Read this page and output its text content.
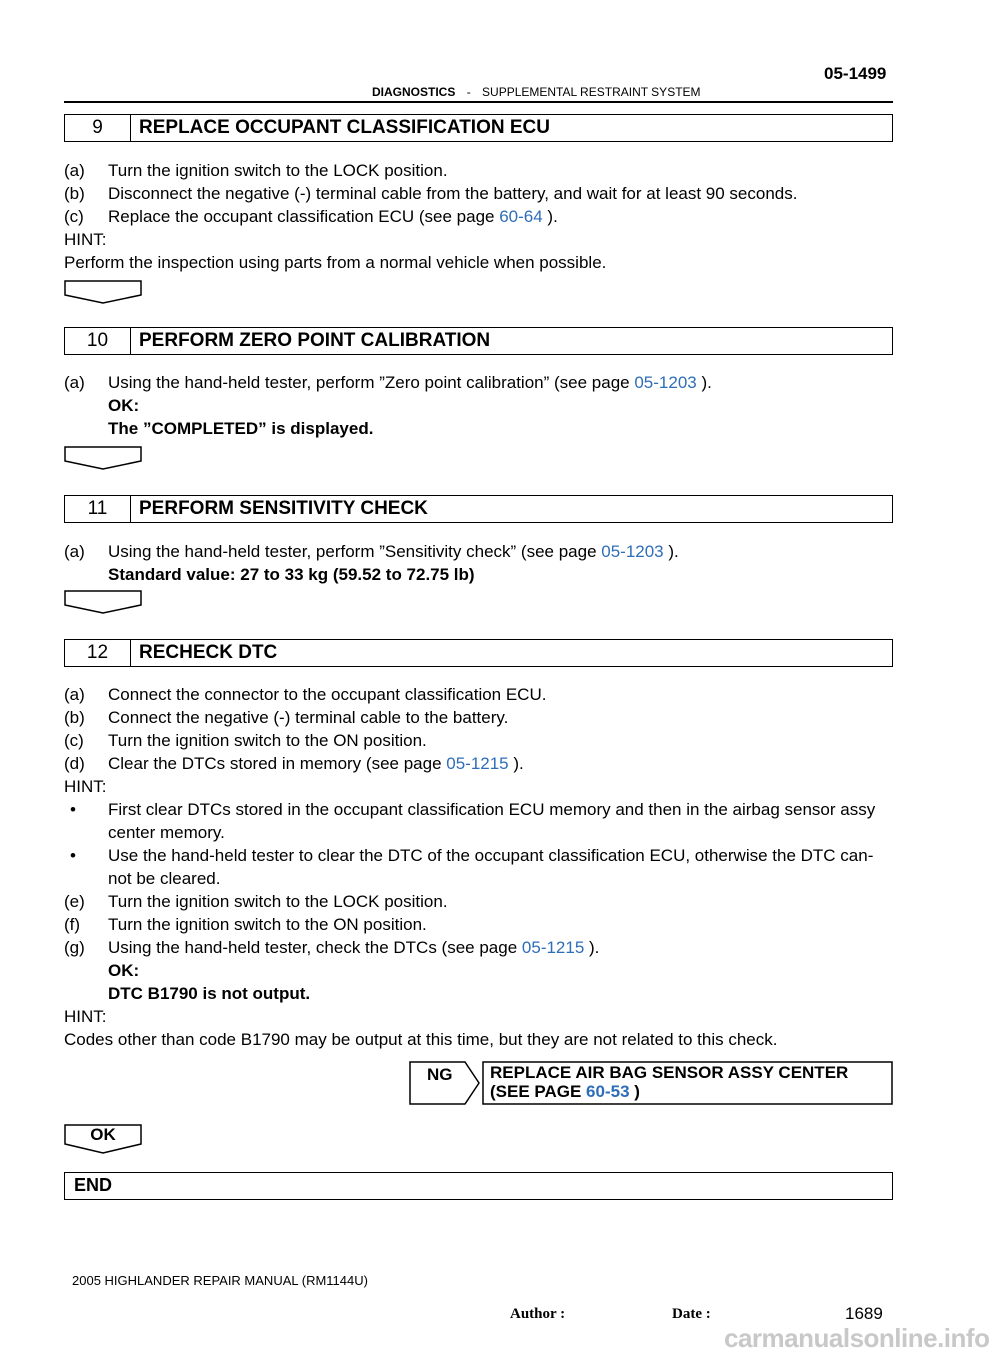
05-1499
DIAGNOSTICS - SUPPLEMENTAL RESTRAINT SYSTEM
9	REPLACE OCCUPANT CLASSIFICATION ECU
(a) Turn the ignition switch to the LOCK position.
(b) Disconnect the negative (-) terminal cable from the battery, and wait for at least 90 seconds.
(c) Replace the occupant classification ECU (see page 60-64 ).
HINT:
Perform the inspection using parts from a normal vehicle when possible.
10	PERFORM ZERO POINT CALIBRATION
(a) Using the hand-held tester, perform ”Zero point calibration” (see page 05-1203 ).
OK:
The ”COMPLETED” is displayed.
11	PERFORM SENSITIVITY CHECK
(a) Using the hand-held tester, perform ”Sensitivity check” (see page 05-1203 ).
Standard value: 27 to 33 kg (59.52 to 72.75 lb)
12	RECHECK DTC
(a) Connect the connector to the occupant classification ECU.
(b) Connect the negative (-) terminal cable to the battery.
(c) Turn the ignition switch to the ON position.
(d) Clear the DTCs stored in memory (see page 05-1215 ).
HINT:
• First clear DTCs stored in the occupant classification ECU memory and then in the airbag sensor assy
center memory.
• Use the hand-held tester to clear the DTC of the occupant classification ECU, otherwise the DTC can-
not be cleared.
(e) Turn the ignition switch to the LOCK position.
(f) Turn the ignition switch to the ON position.
(g) Using the hand-held tester, check the DTCs (see page 05-1215 ).
OK:
DTC B1790 is not output.
HINT:
Codes other than code B1790 may be output at this time, but they are not related to this check.
NG REPLACE AIR BAG SENSOR ASSY CENTER
(SEE PAGE 60-53 )
OK
END
2005 HIGHLANDER REPAIR MANUAL (RM1144U)
Author :	Date :	1689
carmanualsonline.info
